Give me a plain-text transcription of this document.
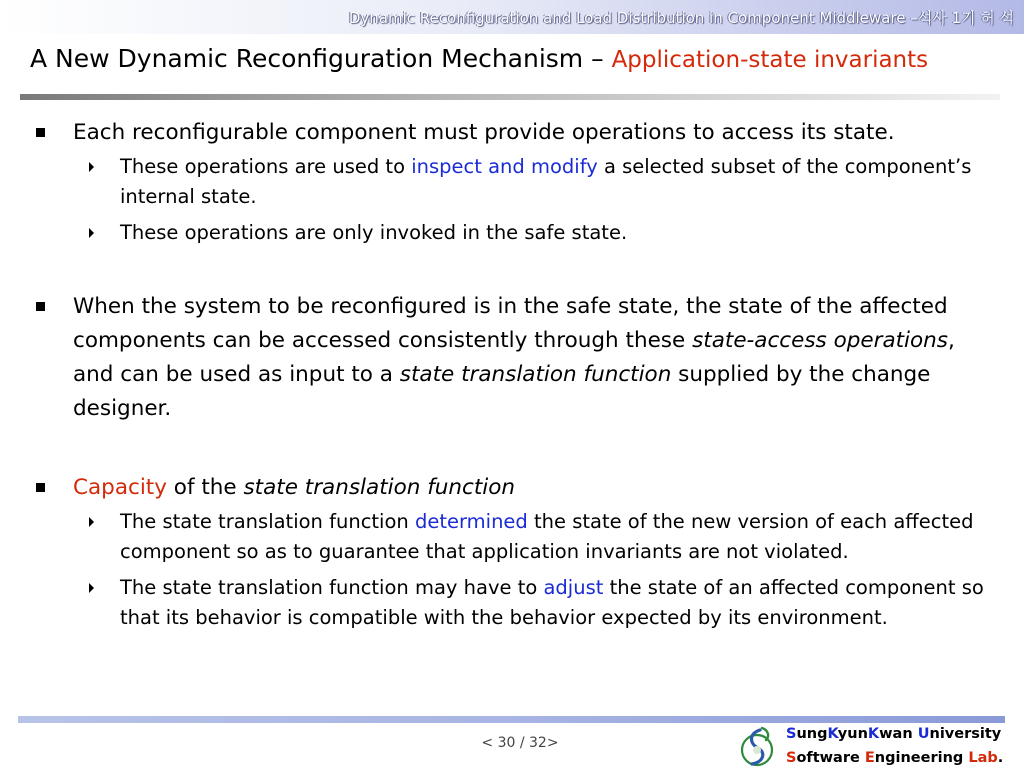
Dynamic Reconfiguration and Load Distribution in Component Middleware –석사 1기 허 석
A New Dynamic Reconfiguration Mechanism – Application-state invariants
Each reconfigurable component must provide operations to access its state.
These operations are used to inspect and modify a selected subset of the component’s internal state.
These operations are only invoked in the safe state.
When the system to be reconfigured is in the safe state, the state of the affected components can be accessed consistently through these state-access operations, and can be used as input to a state translation function supplied by the change designer.
Capacity of the state translation function
The state translation function determined the state of the new version of each affected component so as to guarantee that application invariants are not violated.
The state translation function may have to adjust the state of an affected component so that its behavior is compatible with the behavior expected by its environment.
< 30 / 32>
SungKyunKwan University
Software Engineering Lab.
